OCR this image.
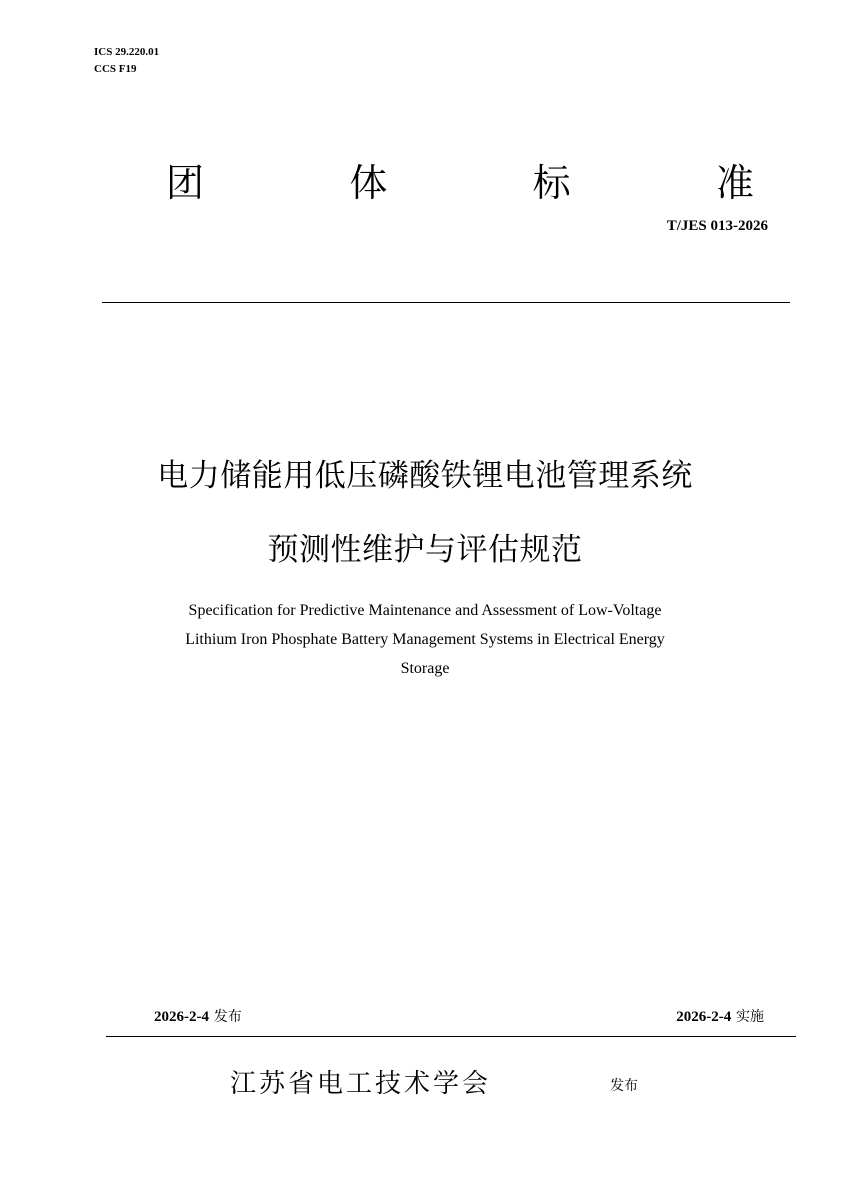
ICS 29.220.01
CCS F19
团	体	标	准
T/JES 013-2026
电力储能用低压磷酸铁锂电池管理系统
预测性维护与评估规范
Specification for Predictive Maintenance and Assessment of Low-Voltage
Lithium Iron Phosphate Battery Management Systems in Electrical Energy
Storage
2026-2-4 发布	2026-2-4 实施
江苏省电工技术学会	发布
